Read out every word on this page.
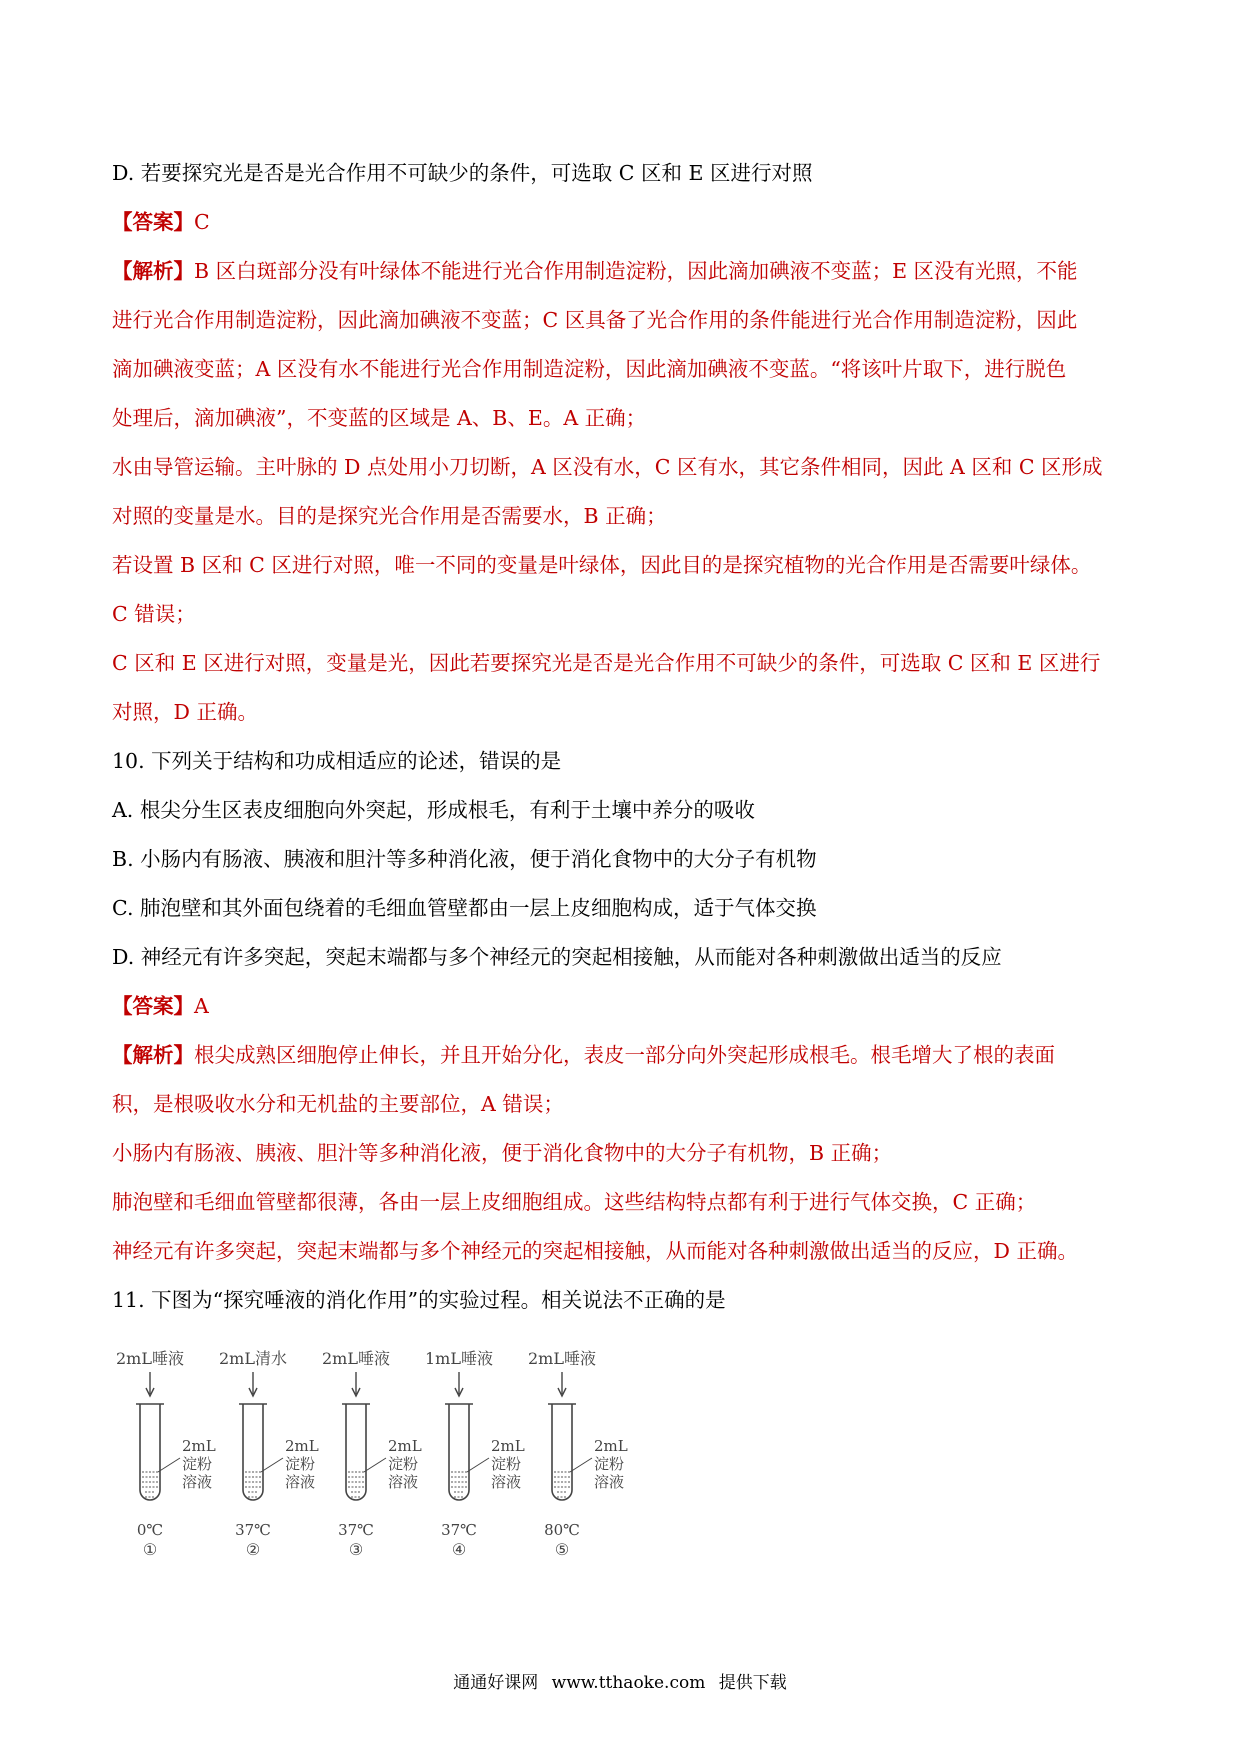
D. 若要探究光是否是光合作用不可缺少的条件，可选取 C 区和 E 区进行对照
【答案】C
【解析】B 区白斑部分没有叶绿体不能进行光合作用制造淀粉，因此滴加碘液不变蓝；E 区没有光照，不能
进行光合作用制造淀粉，因此滴加碘液不变蓝；C 区具备了光合作用的条件能进行光合作用制造淀粉，因此
滴加碘液变蓝；A 区没有水不能进行光合作用制造淀粉，因此滴加碘液不变蓝。“将该叶片取下，进行脱色
处理后，滴加碘液”，不变蓝的区域是 A、B、E。A 正确；
水由导管运输。主叶脉的 D 点处用小刀切断，A 区没有水，C 区有水，其它条件相同，因此 A 区和 C 区形成
对照的变量是水。目的是探究光合作用是否需要水，B 正确；
若设置 B 区和 C 区进行对照，唯一不同的变量是叶绿体，因此目的是探究植物的光合作用是否需要叶绿体。
C 错误；
C 区和 E 区进行对照，变量是光，因此若要探究光是否是光合作用不可缺少的条件，可选取 C 区和 E 区进行
对照，D 正确。
10. 下列关于结构和功成相适应的论述，错误的是
A. 根尖分生区表皮细胞向外突起，形成根毛，有利于土壤中养分的吸收
B. 小肠内有肠液、胰液和胆汁等多种消化液，便于消化食物中的大分子有机物
C. 肺泡壁和其外面包绕着的毛细血管壁都由一层上皮细胞构成，适于气体交换
D. 神经元有许多突起，突起末端都与多个神经元的突起相接触，从而能对各种刺激做出适当的反应
【答案】A
【解析】根尖成熟区细胞停止伸长，并且开始分化，表皮一部分向外突起形成根毛。根毛增大了根的表面
积，是根吸收水分和无机盐的主要部位，A 错误；
小肠内有肠液、胰液、胆汁等多种消化液，便于消化食物中的大分子有机物，B 正确；
肺泡壁和毛细血管壁都很薄，各由一层上皮细胞组成。这些结构特点都有利于进行气体交换，C 正确；
神经元有许多突起，突起末端都与多个神经元的突起相接触，从而能对各种刺激做出适当的反应，D 正确。
11. 下图为“探究唾液的消化作用”的实验过程。相关说法不正确的是
2mL唾液
2mL
淀粉
溶液
0℃
①
2mL清水
2mL
淀粉
溶液
37℃
②
2mL唾液
2mL
淀粉
溶液
37℃
③
1mL唾液
2mL
淀粉
溶液
37℃
④
2mL唾液
2mL
淀粉
溶液
80℃
⑤
通通好课网 www.tthaoke.com 提供下载
